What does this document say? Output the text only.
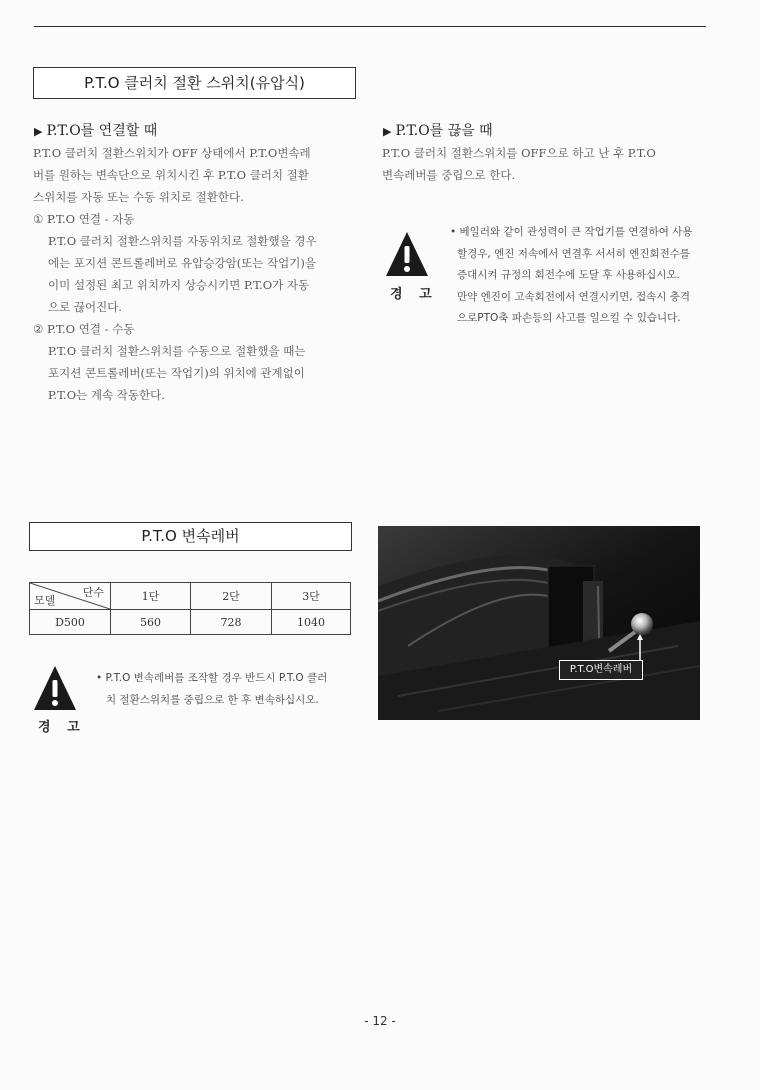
P.T.O 클러치 절환 스위치(유압식)
▶ P.T.O를 연결할 때

P.T.O 클러치 절환스위치가 OFF 상태에서 P.T.O변속레

버를 원하는 변속단으로 위치시킨 후 P.T.O 클러치 절환

스위치를 자동 또는 수동 위치로 절환한다.

① P.T.O 연결 - 자동

P.T.O 클러치 절환스위치를 자동위치로 절환했을 경우

에는 포지션 콘트롤레버로 유압승강암(또는 작업기)을

이미 설정된 최고 위치까지 상승시키면 P.T.O가 자동

으로 끊어진다.

② P.T.O 연결 - 수동

P.T.O 클러치 절환스위치를 수동으로 절환했을 때는

포지션 콘트롤레버(또는 작업기)의 위치에 관계없이

P.T.O는 계속 작동한다.

▶ P.T.O를 끊을 때

P.T.O 클러치 절환스위치를 OFF으로 하고 난 후 P.T.O

변속레버를 중립으로 한다.

경 고

• 베일러와 같이 관성력이 큰 작업기를 연결하여 사용

할경우, 엔진 저속에서 연결후 서서히 엔진회전수를

증대시켜 규정의 회전수에 도달 후 사용하십시오.

만약 엔진이 고속회전에서 연결시키면, 접속시 충격

으로PTO축 파손등의 사고를 일으킬 수 있습니다.

P.T.O 변속레버
단수
모델	1단	2단	3단
D500	560	728	1040
경 고

• P.T.O 변속레버를 조작할 경우 반드시 P.T.O 클러

치 절환스위치를 중립으로 한 후 변속하십시오.

P.T.O변속레버
- 12 -
